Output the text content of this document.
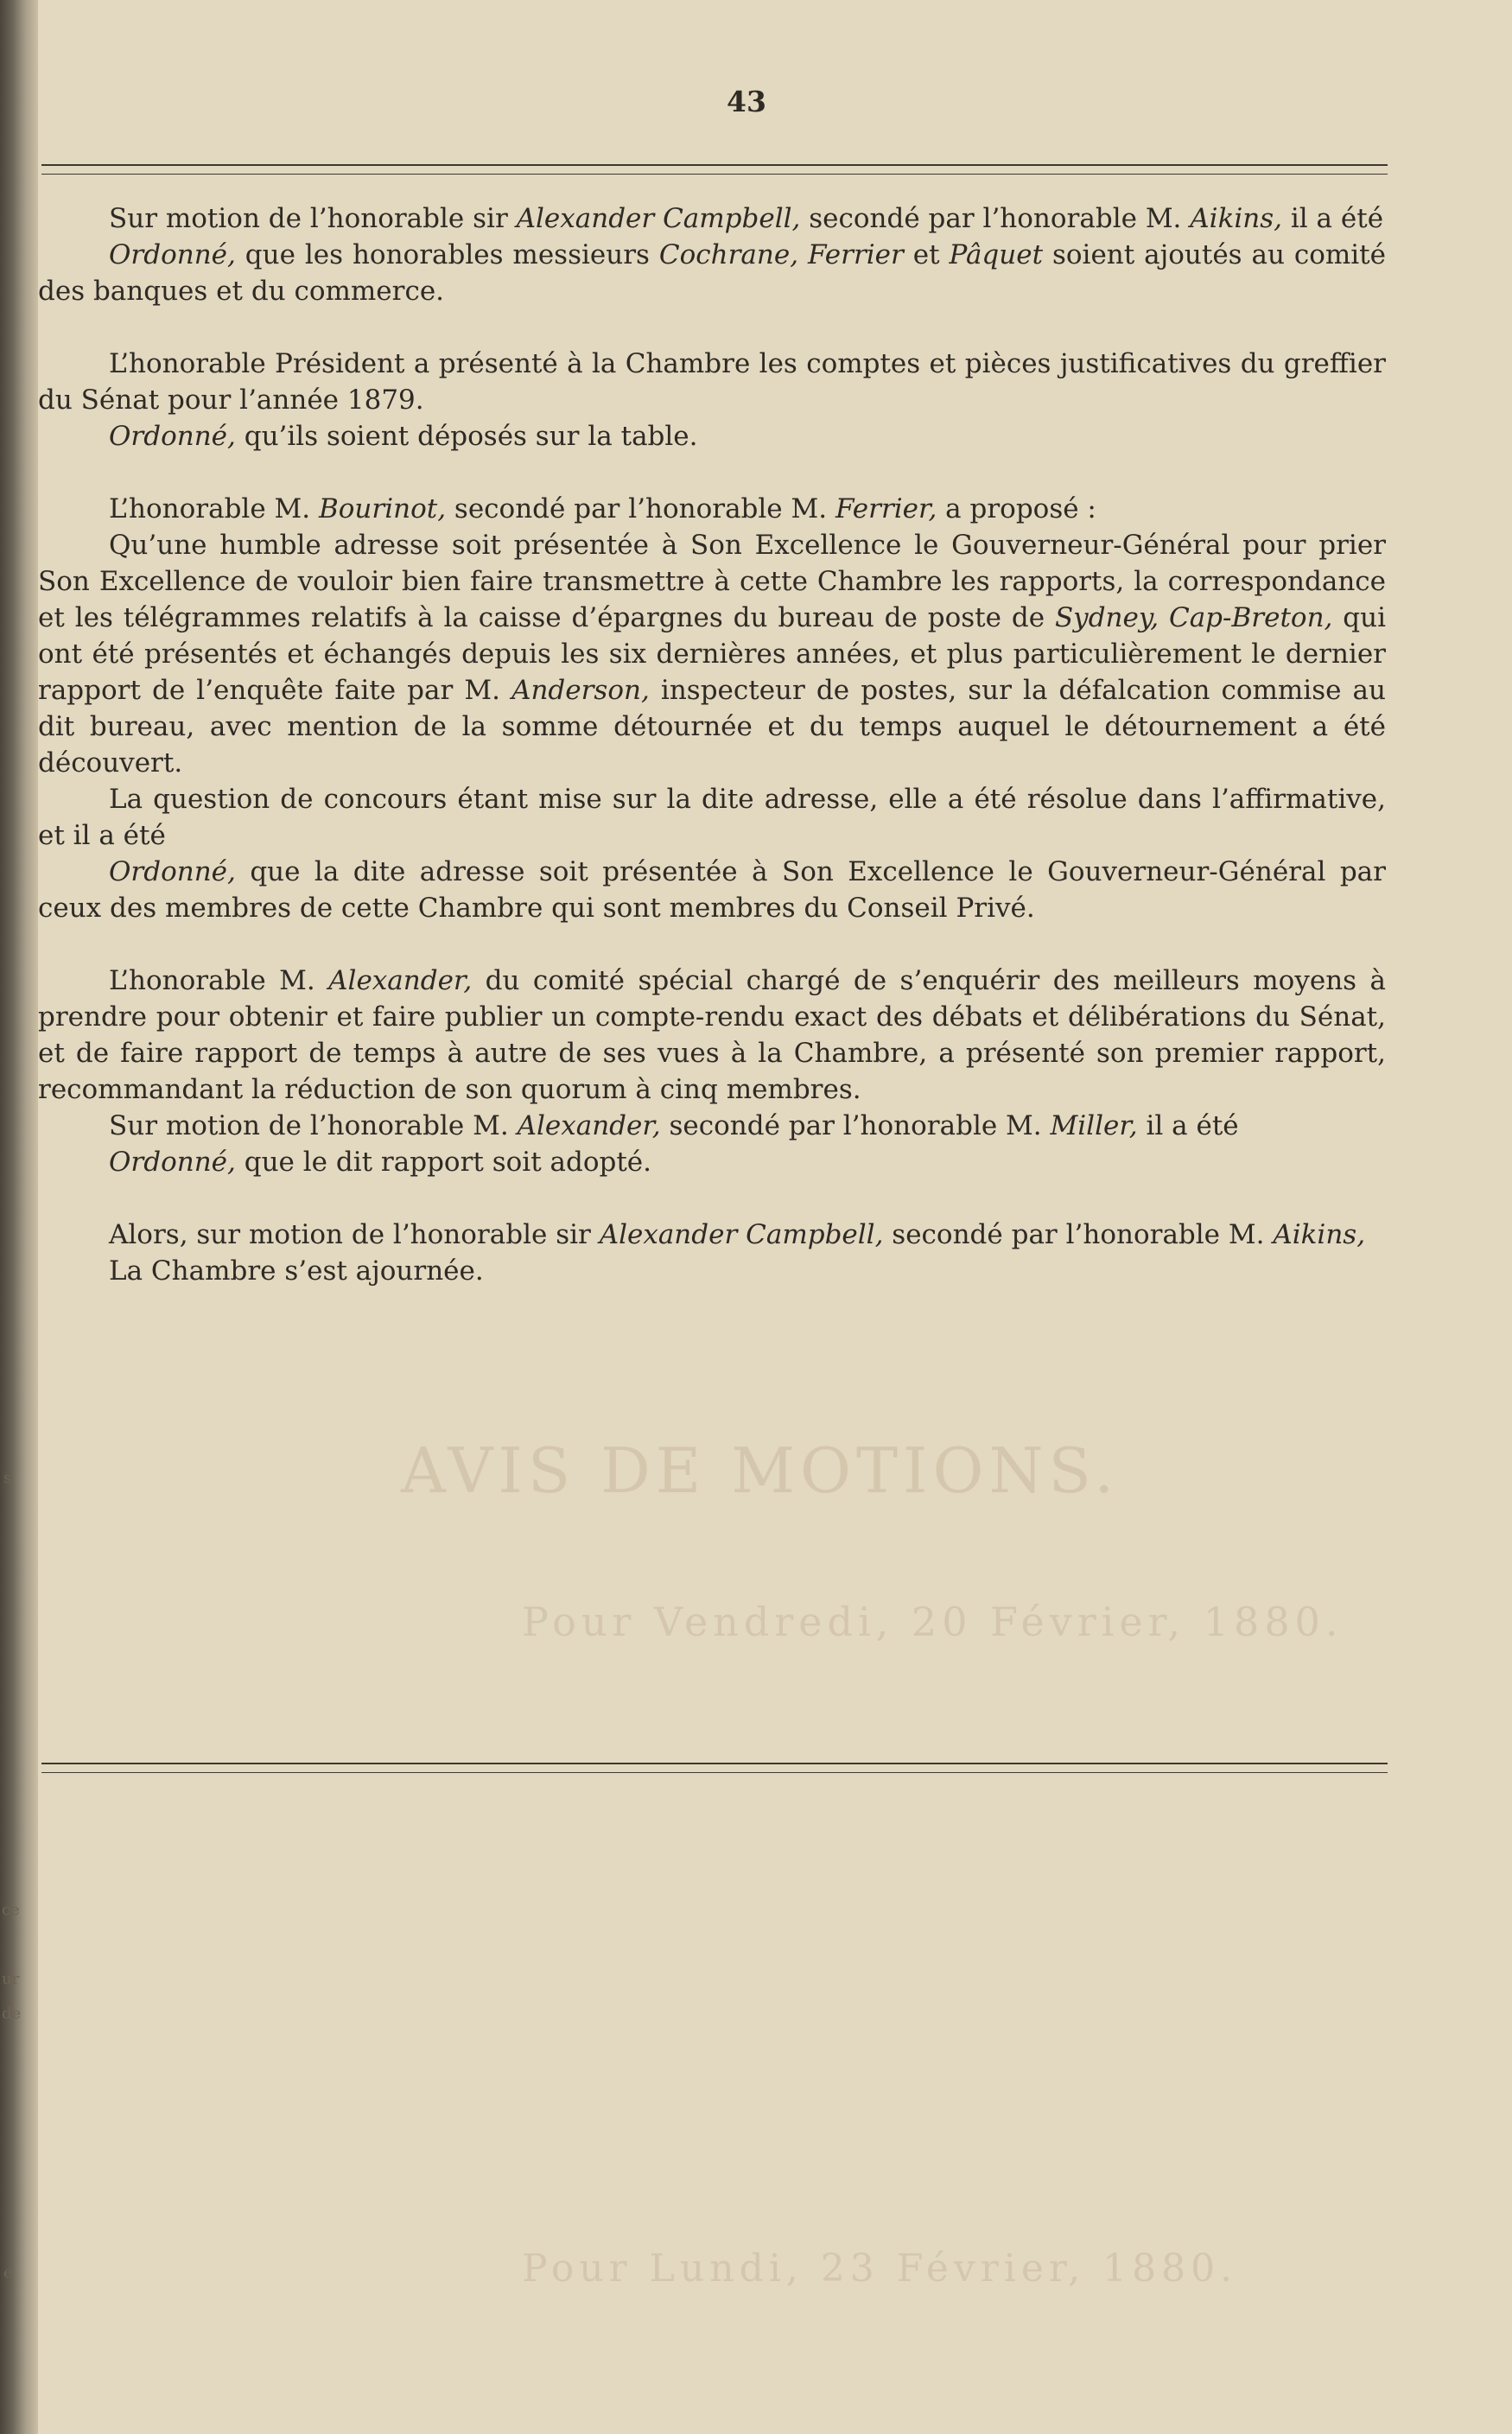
AVIS DE MOTIONS.
Pour Vendredi, 20 Février, 1880.
Pour Lundi, 23 Février, 1880.
43

Sur motion de l’honorable sir Alexander Campbell, secondé par l’honorable M. Aikins, il a été

Ordonné, que les honorables messieurs Cochrane, Ferrier et Pâquet soient ajoutés au comité des banques et du commerce.

L’honorable Président a présenté à la Chambre les comptes et pièces justificatives du greffier du Sénat pour l’année 1879.

Ordonné, qu’ils soient déposés sur la table.

L’honorable M. Bourinot, secondé par l’honorable M. Ferrier, a proposé :

Qu’une humble adresse soit présentée à Son Excellence le Gouverneur-Général pour prier Son Excellence de vouloir bien faire transmettre à cette Chambre les rapports, la correspondance et les télégrammes relatifs à la caisse d’épargnes du bureau de poste de Sydney, Cap-Breton, qui ont été présentés et échangés depuis les six dernières années, et plus particulièrement le dernier rapport de l’enquête faite par M. Anderson, inspecteur de postes, sur la défalcation commise au dit bureau, avec mention de la somme détournée et du temps auquel le détournement a été découvert.

La question de concours étant mise sur la dite adresse, elle a été résolue dans l’affirmative, et il a été

Ordonné, que la dite adresse soit présentée à Son Excellence le Gouverneur-Général par ceux des membres de cette Chambre qui sont membres du Conseil Privé.

L’honorable M. Alexander, du comité spécial chargé de s’enquérir des meilleurs moyens à prendre pour obtenir et faire publier un compte-rendu exact des débats et délibérations du Sénat, et de faire rapport de temps à autre de ses vues à la Chambre, a présenté son premier rapport, recommandant la réduction de son quorum à cinq membres.

Sur motion de l’honorable M. Alexander, secondé par l’honorable M. Miller, il a été

Ordonné, que le dit rapport soit adopté.

Alors, sur motion de l’honorable sir Alexander Campbell, secondé par l’honorable M. Aikins,

La Chambre s’est ajournée.

s
e
ce
ur
de
